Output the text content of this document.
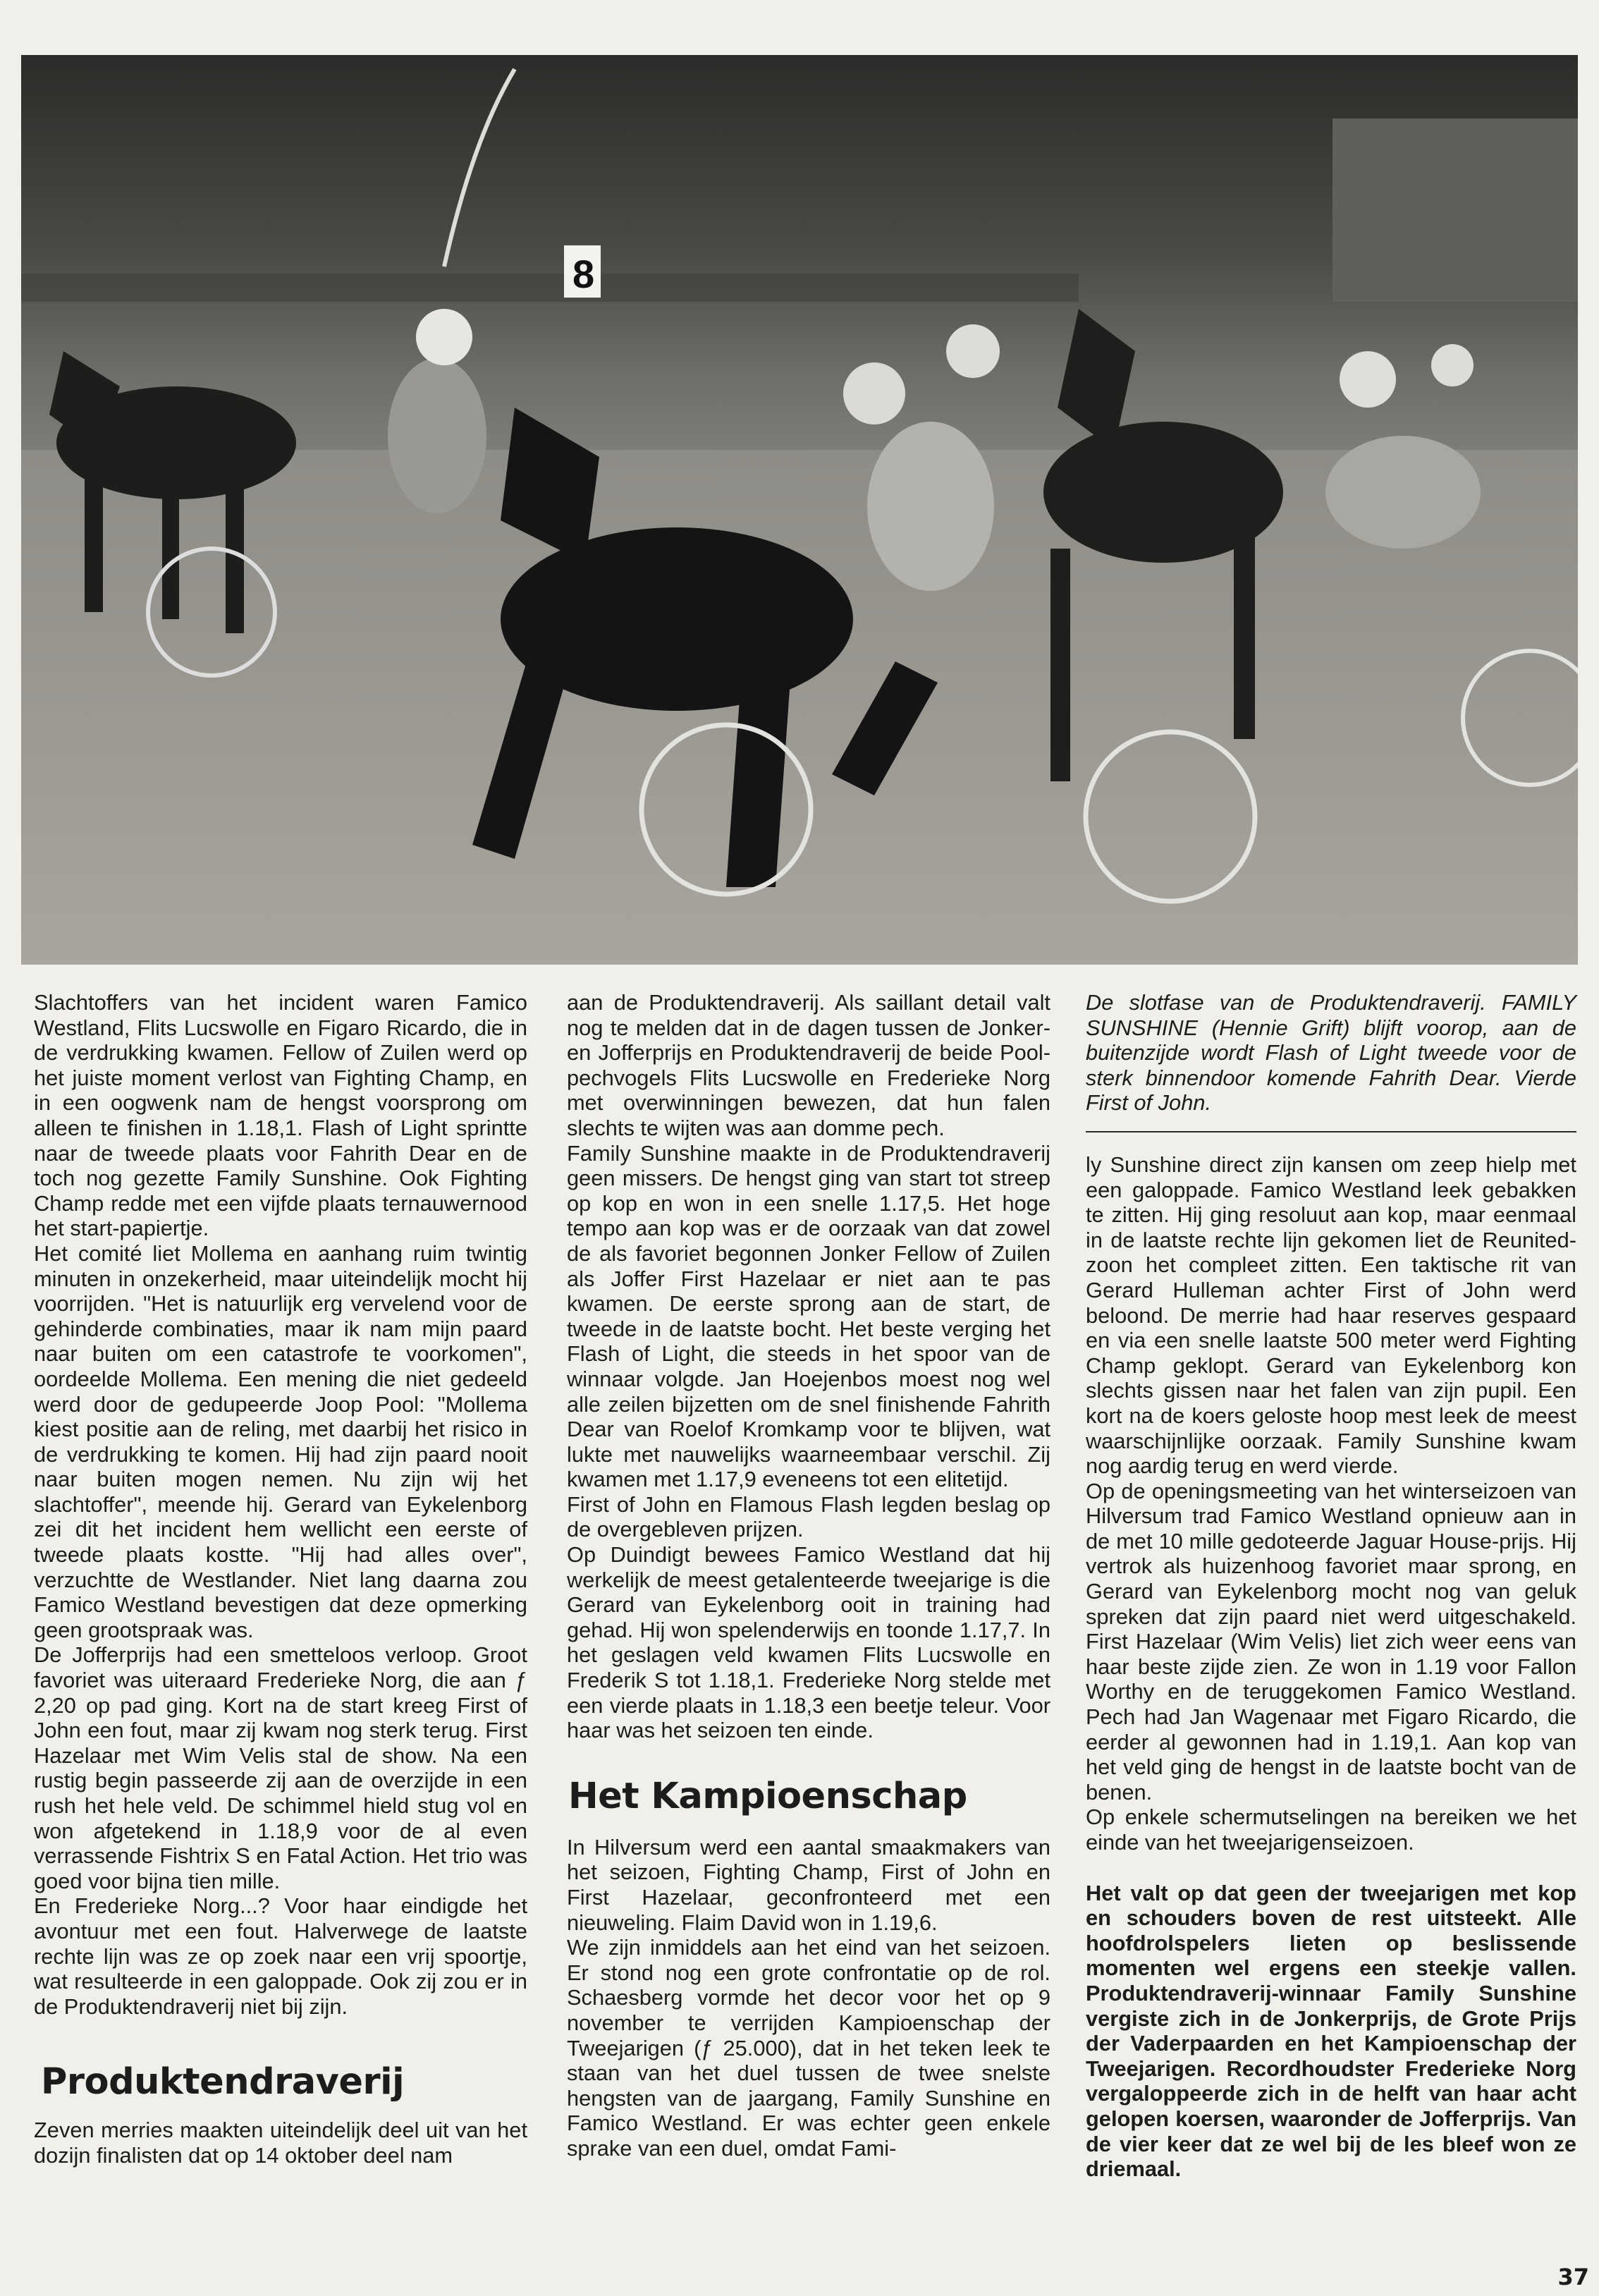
8

Slachtoffers van het incident waren Famico Westland, Flits Lucswolle en Figaro Ricardo, die in de verdrukking kwamen. Fellow of Zuilen werd op het juiste moment verlost van Fighting Champ, en in een oogwenk nam de hengst voorsprong om alleen te finishen in 1.18,1. Flash of Light sprintte naar de tweede plaats voor Fahrith Dear en de toch nog gezette Family Sunshine. Ook Fighting Champ redde met een vijfde plaats ternauwernood het start-papiertje.

Het comité liet Mollema en aanhang ruim twintig minuten in onzekerheid, maar uiteindelijk mocht hij voorrijden. "Het is natuurlijk erg vervelend voor de gehinderde combinaties, maar ik nam mijn paard naar buiten om een catastrofe te voorkomen", oordeelde Mollema. Een mening die niet gedeeld werd door de gedupeerde Joop Pool: "Mollema kiest positie aan de reling, met daarbij het risico in de verdrukking te komen. Hij had zijn paard nooit naar buiten mogen nemen. Nu zijn wij het slachtoffer", meende hij. Gerard van Eykelenborg zei dit het incident hem wellicht een eerste of tweede plaats kostte. "Hij had alles over", verzuchtte de Westlander. Niet lang daarna zou Famico Westland bevestigen dat deze opmerking geen grootspraak was.

De Jofferprijs had een smetteloos verloop. Groot favoriet was uiteraard Frederieke Norg, die aan ƒ 2,20 op pad ging. Kort na de start kreeg First of John een fout, maar zij kwam nog sterk terug. First Hazelaar met Wim Velis stal de show. Na een rustig begin passeerde zij aan de overzijde in een rush het hele veld. De schimmel hield stug vol en won afgetekend in 1.18,9 voor de al even verrassende Fishtrix S en Fatal Action. Het trio was goed voor bijna tien mille.

En Frederieke Norg...? Voor haar eindigde het avontuur met een fout. Halverwege de laatste rechte lijn was ze op zoek naar een vrij spoortje, wat resulteerde in een galoppade. Ook zij zou er in de Produktendraverij niet bij zijn.

Produktendraverij

Zeven merries maakten uiteindelijk deel uit van het dozijn finalisten dat op 14 oktober deel nam

aan de Produktendraverij. Als saillant detail valt nog te melden dat in de dagen tussen de Jonker- en Jofferprijs en Produktendraverij de beide Pool-pechvogels Flits Lucswolle en Frederieke Norg met overwinningen bewezen, dat hun falen slechts te wijten was aan domme pech.

Family Sunshine maakte in de Produktendraverij geen missers. De hengst ging van start tot streep op kop en won in een snelle 1.17,5. Het hoge tempo aan kop was er de oorzaak van dat zowel de als favoriet begonnen Jonker Fellow of Zuilen als Joffer First Hazelaar er niet aan te pas kwamen. De eerste sprong aan de start, de tweede in de laatste bocht. Het beste verging het Flash of Light, die steeds in het spoor van de winnaar volgde. Jan Hoejenbos moest nog wel alle zeilen bijzetten om de snel finishende Fahrith Dear van Roelof Kromkamp voor te blijven, wat lukte met nauwelijks waarneembaar verschil. Zij kwamen met 1.17,9 eveneens tot een elitetijd.

First of John en Flamous Flash legden beslag op de overgebleven prijzen.

Op Duindigt bewees Famico Westland dat hij werkelijk de meest getalenteerde tweejarige is die Gerard van Eykelenborg ooit in training had gehad. Hij won spelenderwijs en toonde 1.17,7. In het geslagen veld kwamen Flits Lucswolle en Frederik S tot 1.18,1. Frederieke Norg stelde met een vierde plaats in 1.18,3 een beetje teleur. Voor haar was het seizoen ten einde.

Het Kampioenschap

In Hilversum werd een aantal smaakmakers van het seizoen, Fighting Champ, First of John en First Hazelaar, geconfronteerd met een nieuweling. Flaim David won in 1.19,6.

We zijn inmiddels aan het eind van het seizoen. Er stond nog een grote confrontatie op de rol. Schaesberg vormde het decor voor het op 9 november te verrijden Kampioenschap der Tweejarigen (ƒ 25.000), dat in het teken leek te staan van het duel tussen de twee snelste hengsten van de jaargang, Family Sunshine en Famico Westland. Er was echter geen enkele sprake van een duel, omdat Fami-

De slotfase van de Produktendraverij. FAMILY SUNSHINE (Hennie Grift) blijft voorop, aan de buitenzijde wordt Flash of Light tweede voor de sterk binnendoor komende Fahrith Dear. Vierde First of John.

ly Sunshine direct zijn kansen om zeep hielp met een galoppade. Famico Westland leek gebakken te zitten. Hij ging resoluut aan kop, maar eenmaal in de laatste rechte lijn gekomen liet de Reunited-zoon het compleet zitten. Een taktische rit van Gerard Hulleman achter First of John werd beloond. De merrie had haar reserves gespaard en via een snelle laatste 500 meter werd Fighting Champ geklopt. Gerard van Eykelenborg kon slechts gissen naar het falen van zijn pupil. Een kort na de koers geloste hoop mest leek de meest waarschijnlijke oorzaak. Family Sunshine kwam nog aardig terug en werd vierde.

Op de openingsmeeting van het winterseizoen van Hilversum trad Famico Westland opnieuw aan in de met 10 mille gedoteerde Jaguar House-prijs. Hij vertrok als huizenhoog favoriet maar sprong, en Gerard van Eykelenborg mocht nog van geluk spreken dat zijn paard niet werd uitgeschakeld. First Hazelaar (Wim Velis) liet zich weer eens van haar beste zijde zien. Ze won in 1.19 voor Fallon Worthy en de teruggekomen Famico Westland. Pech had Jan Wagenaar met Figaro Ricardo, die eerder al gewonnen had in 1.19,1. Aan kop van het veld ging de hengst in de laatste bocht van de benen.

Op enkele schermutselingen na bereiken we het einde van het tweejarigenseizoen.

Het valt op dat geen der tweejarigen met kop en schouders boven de rest uitsteekt. Alle hoofdrolspelers lieten op beslissende momenten wel ergens een steekje vallen. Produktendraverij-winnaar Family Sunshine vergiste zich in de Jonkerprijs, de Grote Prijs der Vaderpaarden en het Kampioenschap der Tweejarigen. Recordhoudster Frederieke Norg vergaloppeerde zich in de helft van haar acht gelopen koersen, waaronder de Jofferprijs. Van de vier keer dat ze wel bij de les bleef won ze driemaal.

37
